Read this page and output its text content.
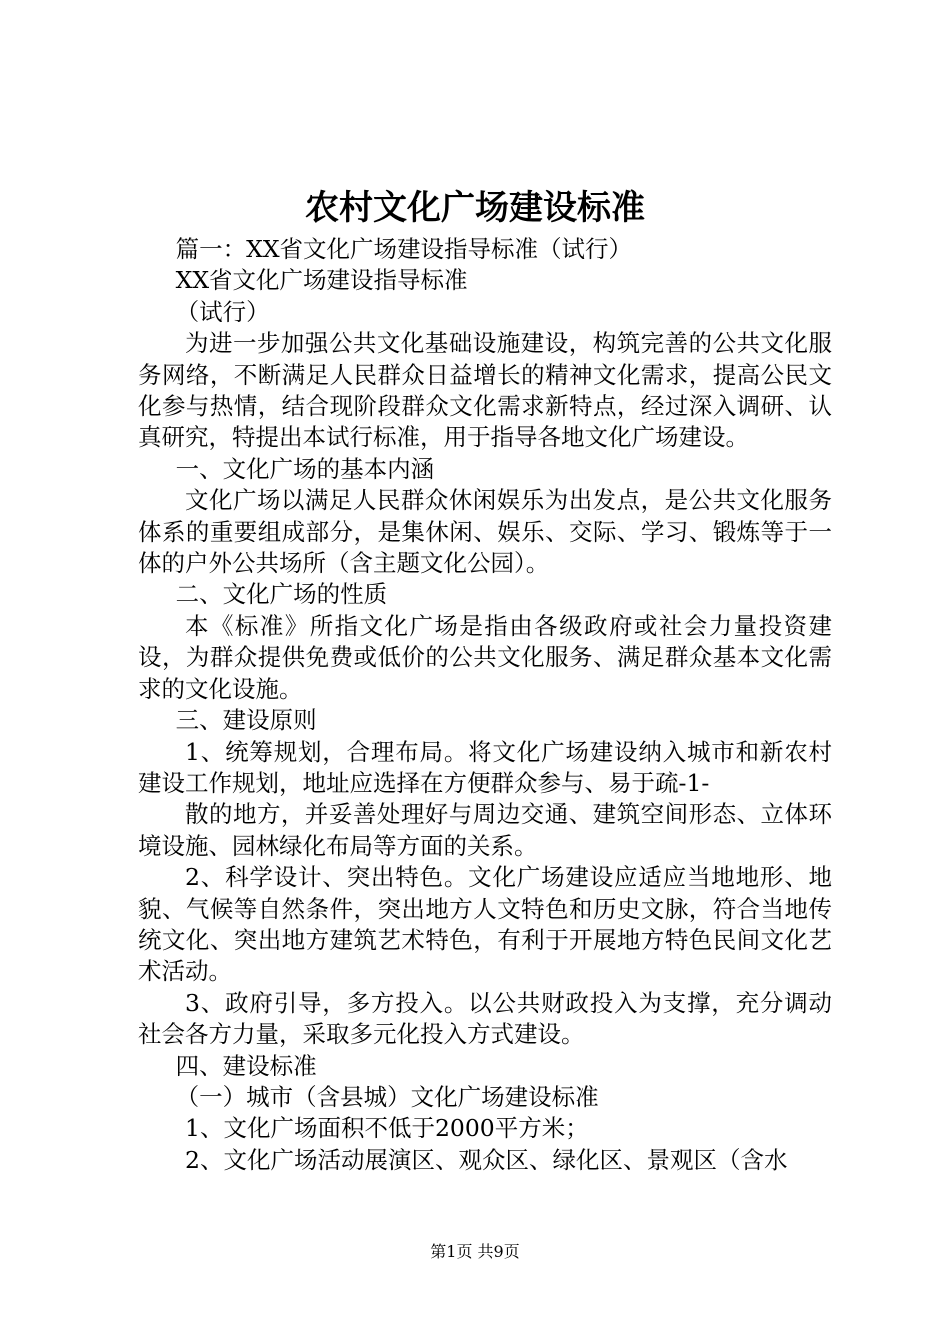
农村文化广场建设标准

篇一：XX省文化广场建设指导标准（试行）

XX省文化广场建设指导标准

（试行）

为进一步加强公共文化基础设施建设，构筑完善的公共文化服务网络，不断满足人民群众日益增长的精神文化需求，提高公民文化参与热情，结合现阶段群众文化需求新特点，经过深入调研、认真研究，特提出本试行标准，用于指导各地文化广场建设。

一、文化广场的基本内涵

文化广场以满足人民群众休闲娱乐为出发点，是公共文化服务体系的重要组成部分，是集休闲、娱乐、交际、学习、锻炼等于一体的户外公共场所（含主题文化公园）。

二、文化广场的性质

本《标准》所指文化广场是指由各级政府或社会力量投资建设，为群众提供免费或低价的公共文化服务、满足群众基本文化需求的文化设施。

三、建设原则

1、统筹规划，合理布局。将文化广场建设纳入城市和新农村建设工作规划，地址应选择在方便群众参与、易于疏-1-

散的地方，并妥善处理好与周边交通、建筑空间形态、立体环境设施、园林绿化布局等方面的关系。

2、科学设计、突出特色。文化广场建设应适应当地地形、地貌、气候等自然条件，突出地方人文特色和历史文脉，符合当地传统文化、突出地方建筑艺术特色，有利于开展地方特色民间文化艺术活动。

3、政府引导，多方投入。以公共财政投入为支撑，充分调动社会各方力量，采取多元化投入方式建设。

四、建设标准

（一）城市（含县城）文化广场建设标准

1、文化广场面积不低于2000平方米；

2、文化广场活动展演区、观众区、绿化区、景观区（含水

第1页 共9页
